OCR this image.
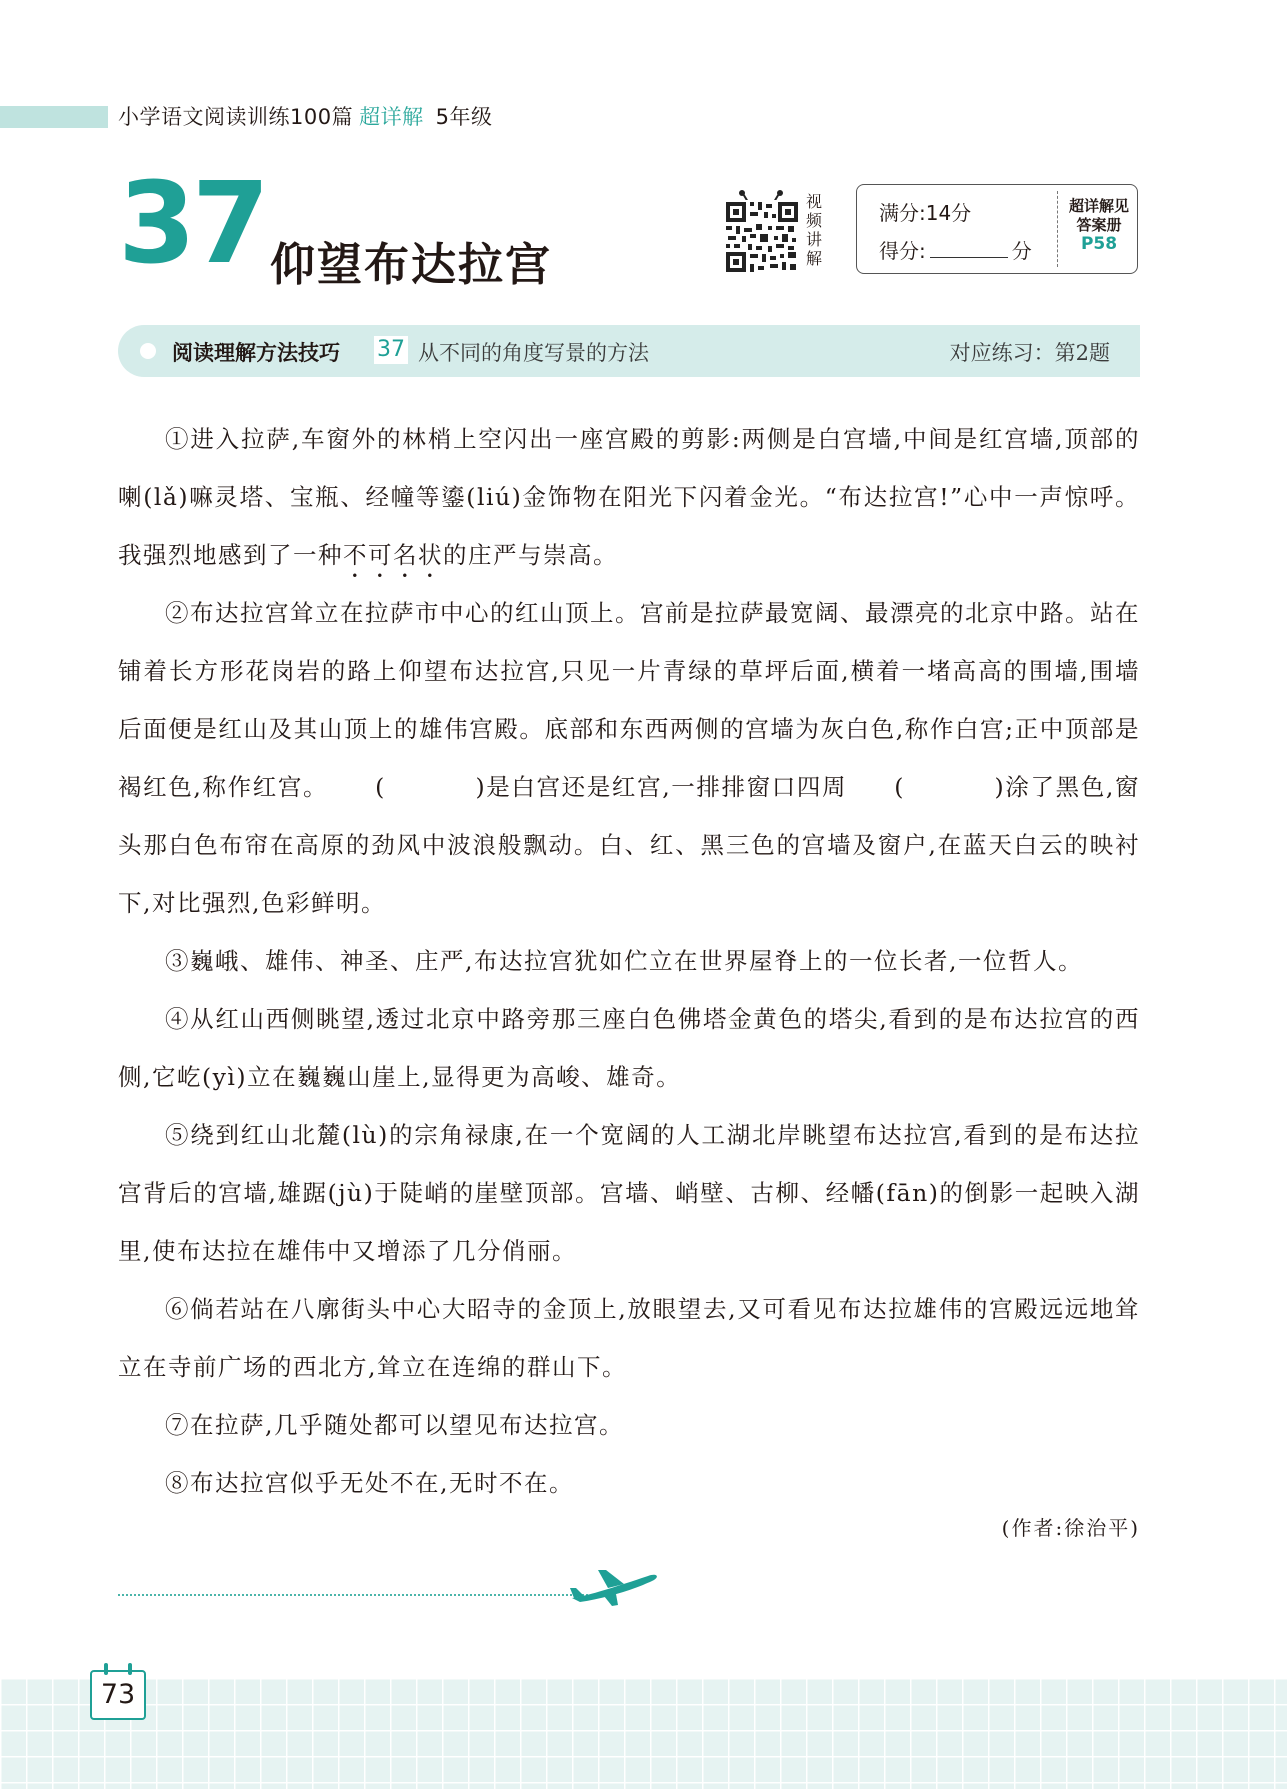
小学语文阅读训练100篇 超详解 5年级
37 仰望布达拉宫
视频讲解
满分:14分
得分:	分
超详解见
答案册
P58
阅读理解方法技巧 37 从不同的角度写景的方法	对应练习：第2题

①进入拉萨,车窗外的林梢上空闪出一座宫殿的剪影:两侧是白宫墙,中间是红宫墙,顶部的喇(lǎ)嘛灵塔、宝瓶、经幢等鎏(liú)金饰物在阳光下闪着金光。“布达拉宫!”心中一声惊呼。我强烈地感到了一种不可名状的庄严与崇高。

②布达拉宫耸立在拉萨市中心的红山顶上。宫前是拉萨最宽阔、最漂亮的北京中路。站在铺着长方形花岗岩的路上仰望布达拉宫,只见一片青绿的草坪后面,横着一堵高高的围墙,围墙后面便是红山及其山顶上的雄伟宫殿。底部和东西两侧的宫墙为灰白色,称作白宫;正中顶部是褐红色,称作红宫。 (          )是白宫还是红宫,一排排窗口四周 (          )涂了黑色,窗头那白色布帘在高原的劲风中波浪般飘动。白、红、黑三色的宫墙及窗户,在蓝天白云的映衬下,对比强烈,色彩鲜明。

③巍峨、雄伟、神圣、庄严,布达拉宫犹如伫立在世界屋脊上的一位长者,一位哲人。

④从红山西侧眺望,透过北京中路旁那三座白色佛塔金黄色的塔尖,看到的是布达拉宫的西侧,它屹(yì)立在巍巍山崖上,显得更为高峻、雄奇。

⑤绕到红山北麓(lù)的宗角禄康,在一个宽阔的人工湖北岸眺望布达拉宫,看到的是布达拉宫背后的宫墙,雄踞(jù)于陡峭的崖壁顶部。宫墙、峭壁、古柳、经幡(fān)的倒影一起映入湖里,使布达拉在雄伟中又增添了几分俏丽。

⑥倘若站在八廓街头中心大昭寺的金顶上,放眼望去,又可看见布达拉雄伟的宫殿远远地耸立在寺前广场的西北方,耸立在连绵的群山下。

⑦在拉萨,几乎随处都可以望见布达拉宫。

⑧布达拉宫似乎无处不在,无时不在。

(作者:徐治平)
73
